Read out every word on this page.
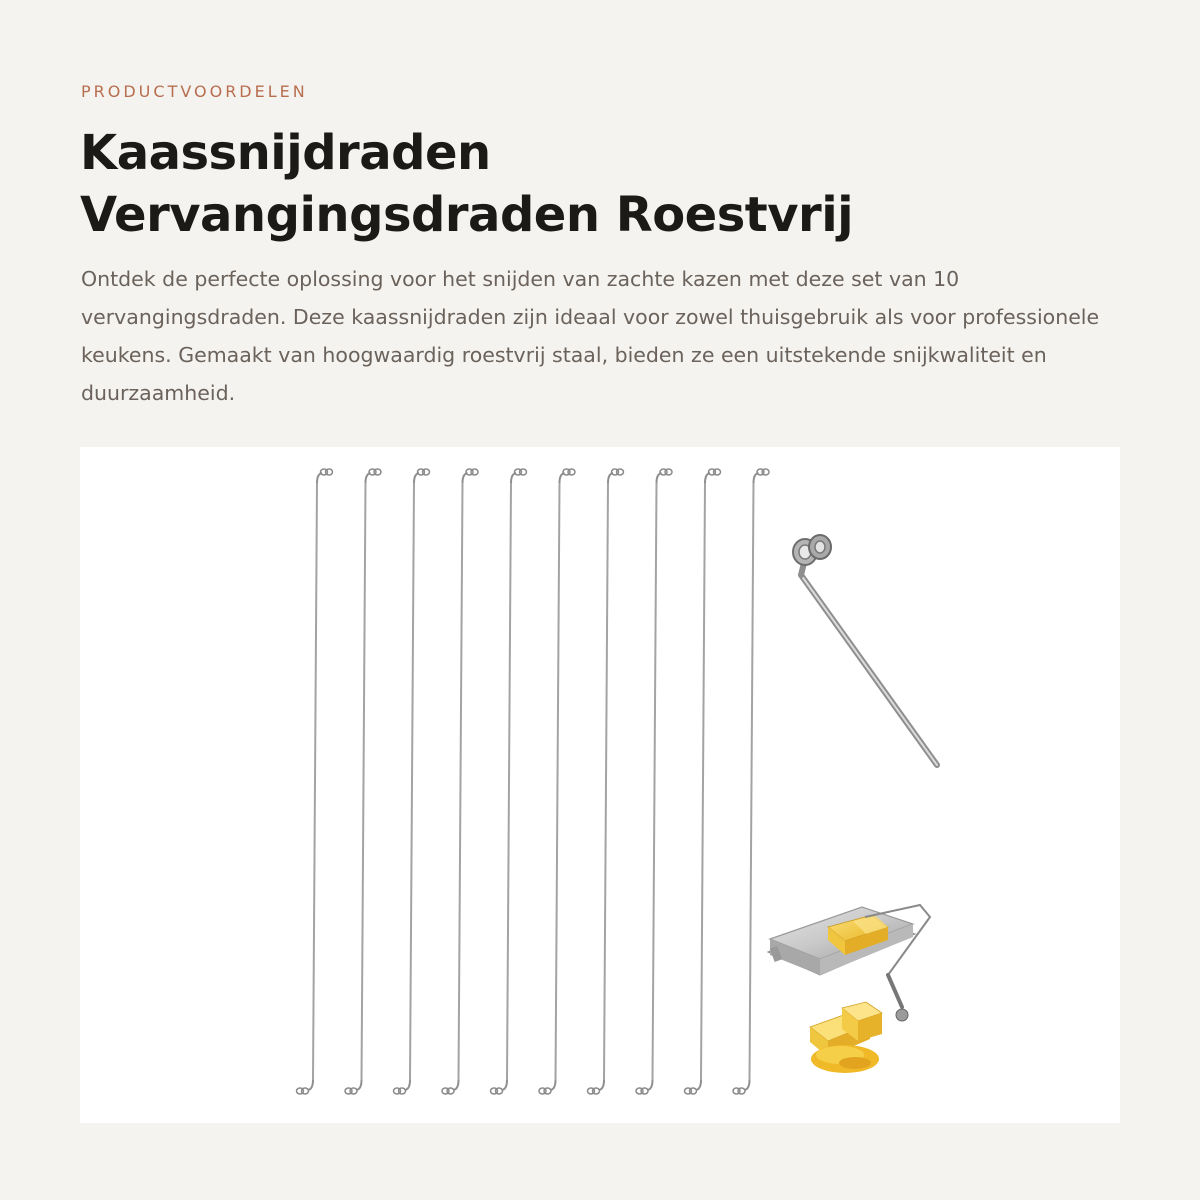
PRODUCTVOORDELEN
Kaassnijdraden
Vervangingsdraden Roestvrij

Ontdek de perfecte oplossing voor het snijden van zachte kazen met deze set van 10 vervangingsdraden. Deze kaassnijdraden zijn ideaal voor zowel thuisgebruik als voor professionele keukens. Gemaakt van hoogwaardig roestvrij staal, bieden ze een uitstekende snijkwaliteit en duurzaamheid.
